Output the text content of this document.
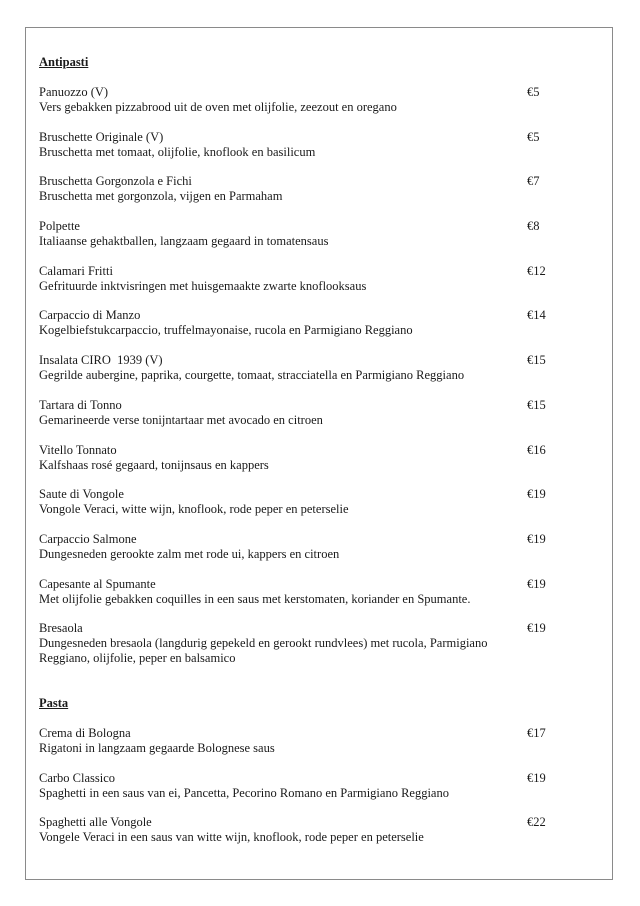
Antipasti
Panuozzo (V)
Vers gebakken pizzabrood uit de oven met olijfolie, zeezout en oregano
€5
Bruschette Originale (V)
Bruschetta met tomaat, olijfolie, knoflook en basilicum
€5
Bruschetta Gorgonzola e Fichi
Bruschetta met gorgonzola, vijgen en Parmaham
€7
Polpette
Italiaanse gehaktballen, langzaam gegaard in tomatensaus
€8
Calamari Fritti
Gefrituurde inktvisringen met huisgemaakte zwarte knoflooksaus
€12
Carpaccio di Manzo
Kogelbiefstukcarpaccio, truffelmayonaise, rucola en Parmigiano Reggiano
€14
Insalata CIRO  1939 (V)
Gegrilde aubergine, paprika, courgette, tomaat, stracciatella en Parmigiano Reggiano
€15
Tartara di Tonno
Gemarineerde verse tonijntartaar met avocado en citroen
€15
Vitello Tonnato
Kalfshaas rosé gegaard, tonijnsaus en kappers
€16
Saute di Vongole
Vongole Veraci, witte wijn, knoflook, rode peper en peterselie
€19
Carpaccio Salmone
Dungesneden gerookte zalm met rode ui, kappers en citroen
€19
Capesante al Spumante
Met olijfolie gebakken coquilles in een saus met kerstomaten, koriander en Spumante.
€19
Bresaola
Dungesneden bresaola (langdurig gepekeld en gerookt rundvlees) met rucola, Parmigiano Reggiano, olijfolie, peper en balsamico
€19
Pasta
Crema di Bologna
Rigatoni in langzaam gegaarde Bolognese saus
€17
Carbo Classico
Spaghetti in een saus van ei, Pancetta, Pecorino Romano en Parmigiano Reggiano
€19
Spaghetti alle Vongole
Vongele Veraci in een saus van witte wijn, knoflook, rode peper en peterselie
€22
